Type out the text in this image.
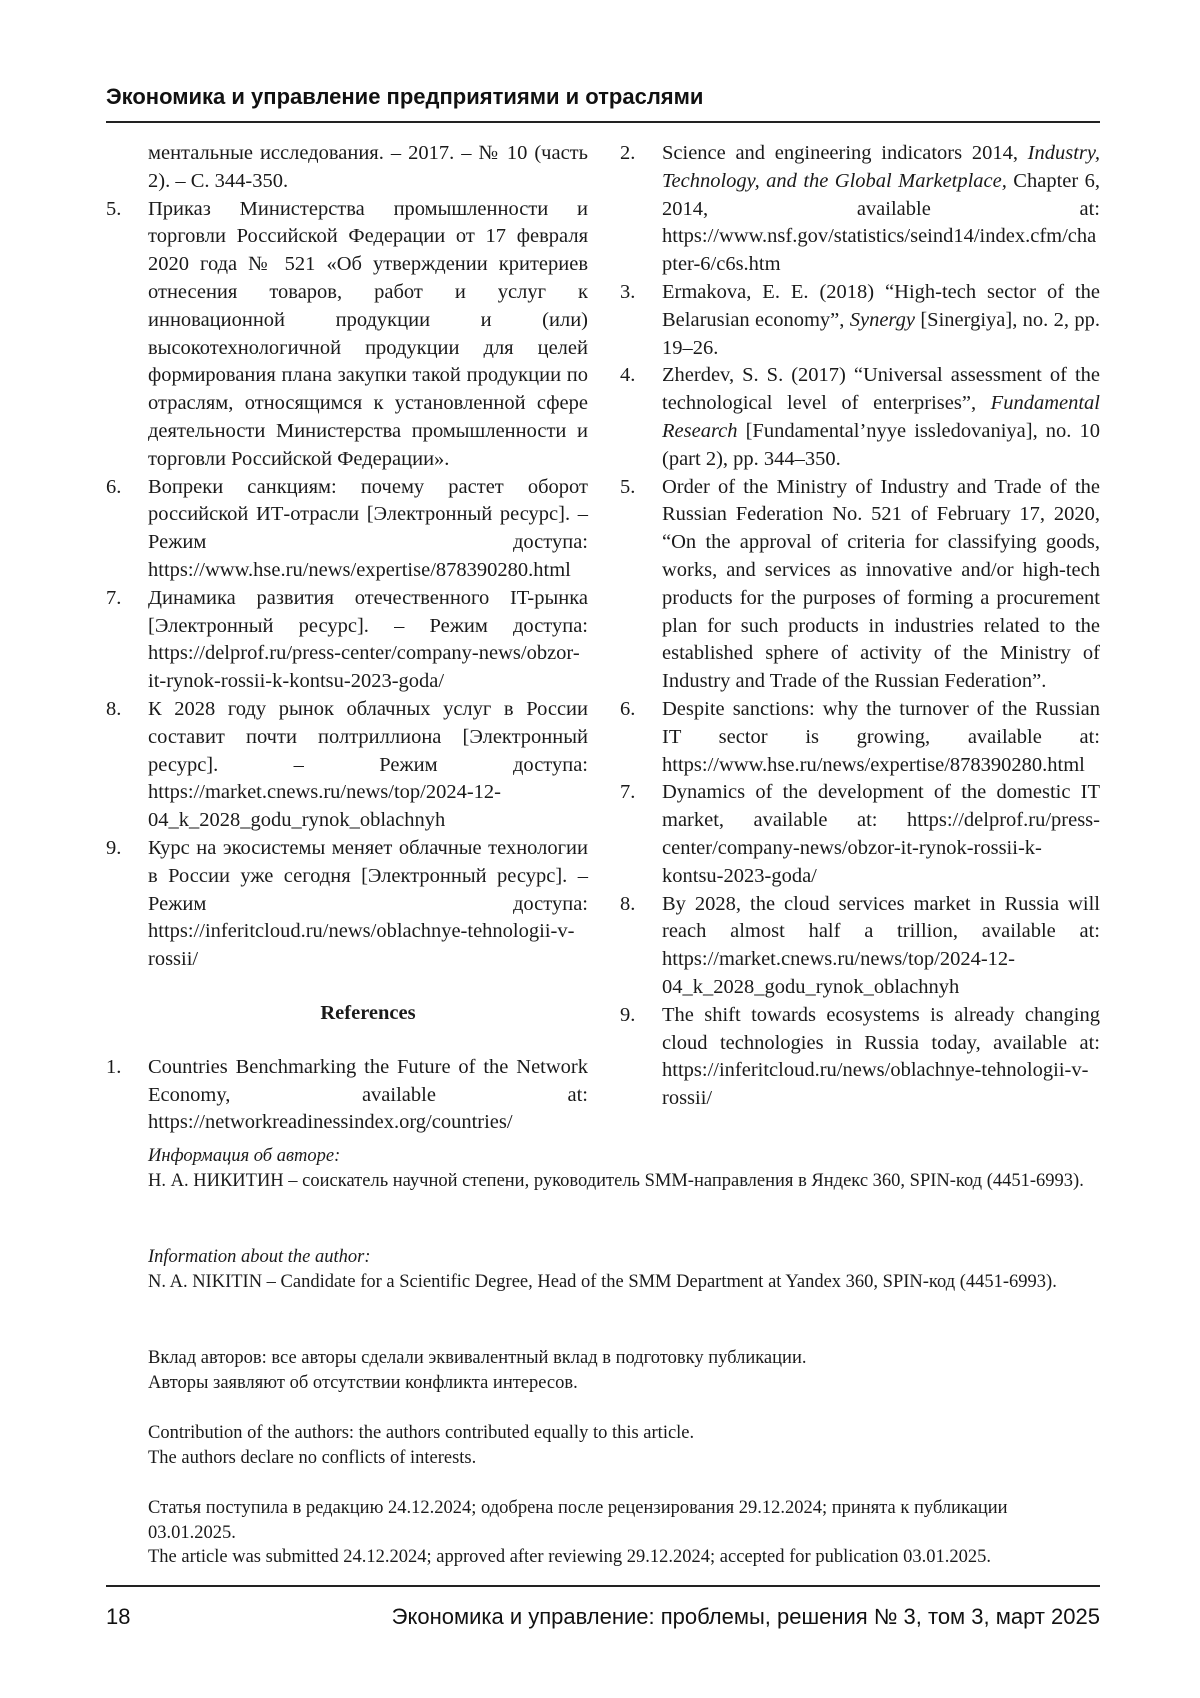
Экономика и управление предприятиями и отраслями
ментальные исследования. – 2017. – № 10 (часть 2). – С. 344-350.
5.	Приказ Министерства промышленности и торговли Российской Федерации от 17 февраля 2020 года № 521 «Об утверждении критериев отнесения товаров, работ и услуг к инновационной продукции и (или) высокотехнологичной продукции для целей формирования плана закупки такой продукции по отраслям, относящимся к установленной сфере деятельности Министерства промышленности и торговли Российской Федерации».
6.	Вопреки санкциям: почему растет оборот российской ИТ-отрасли [Электронный ресурс]. – Режим доступа: https://www.hse.ru/news/expertise/878390280.html
7.	Динамика развития отечественного IT-рынка [Электронный ресурс]. – Режим доступа: https://delprof.ru/press-center/company-news/obzor-it-rynok-rossii-k-kontsu-2023-goda/
8.	К 2028 году рынок облачных услуг в России составит почти полтриллиона [Электронный ресурс]. – Режим доступа: https://market.cnews.ru/news/top/2024-12-04_k_2028_godu_rynok_oblachnyh
9.	Курс на экосистемы меняет облачные технологии в России уже сегодня [Электронный ресурс]. – Режим доступа: https://inferitcloud.ru/news/oblachnye-tehnologii-v-rossii/
References
1.	Countries Benchmarking the Future of the Network Economy, available at: https://networkreadinessindex.org/countries/
2.	Science and engineering indicators 2014, Industry, Technology, and the Global Marketplace, Chapter 6, 2014, available at: https://www.nsf.gov/statistics/seind14/index.cfm/chapter-6/c6s.htm
3.	Ermakova, E. E. (2018) “High-tech sector of the Belarusian economy”, Synergy [Sinergiya], no. 2, pp. 19–26.
4.	Zherdev, S. S. (2017) “Universal assessment of the technological level of enterprises”, Fundamental Research [Fundamental’nyye issledovaniya], no. 10 (part 2), pp. 344–350.
5.	Order of the Ministry of Industry and Trade of the Russian Federation No. 521 of February 17, 2020, “On the approval of criteria for classifying goods, works, and services as innovative and/or high-tech products for the purposes of forming a procurement plan for such products in industries related to the established sphere of activity of the Ministry of Industry and Trade of the Russian Federation”.
6.	Despite sanctions: why the turnover of the Russian IT sector is growing, available at: https://www.hse.ru/news/expertise/878390280.html
7.	Dynamics of the development of the domestic IT market, available at: https://delprof.ru/press-center/company-news/obzor-it-rynok-rossii-k-kontsu-2023-goda/
8.	By 2028, the cloud services market in Russia will reach almost half a trillion, available at: https://market.cnews.ru/news/top/2024-12-04_k_2028_godu_rynok_oblachnyh
9.	The shift towards ecosystems is already changing cloud technologies in Russia today, available at: https://inferitcloud.ru/news/oblachnye-tehnologii-v-rossii/

Информация об авторе:

Н. А. НИКИТИН – соискатель научной степени, руководитель SMM-направления в Яндекс 360, SPIN-код (4451-6993).

Information about the author:

N. A. NIKITIN – Candidate for a Scientific Degree, Head of the SMM Department at Yandex 360, SPIN-код (4451-6993).

Вклад авторов: все авторы сделали эквивалентный вклад в подготовку публикации.

Авторы заявляют об отсутствии конфликта интересов.

Contribution of the authors: the authors contributed equally to this article.

The authors declare no conflicts of interests.

Статья поступила в редакцию 24.12.2024; одобрена после рецензирования 29.12.2024; принята к публикации 03.01.2025.

The article was submitted 24.12.2024; approved after reviewing 29.12.2024; accepted for publication 03.01.2025.

18	Экономика и управление: проблемы, решения № 3, том 3, март 2025
